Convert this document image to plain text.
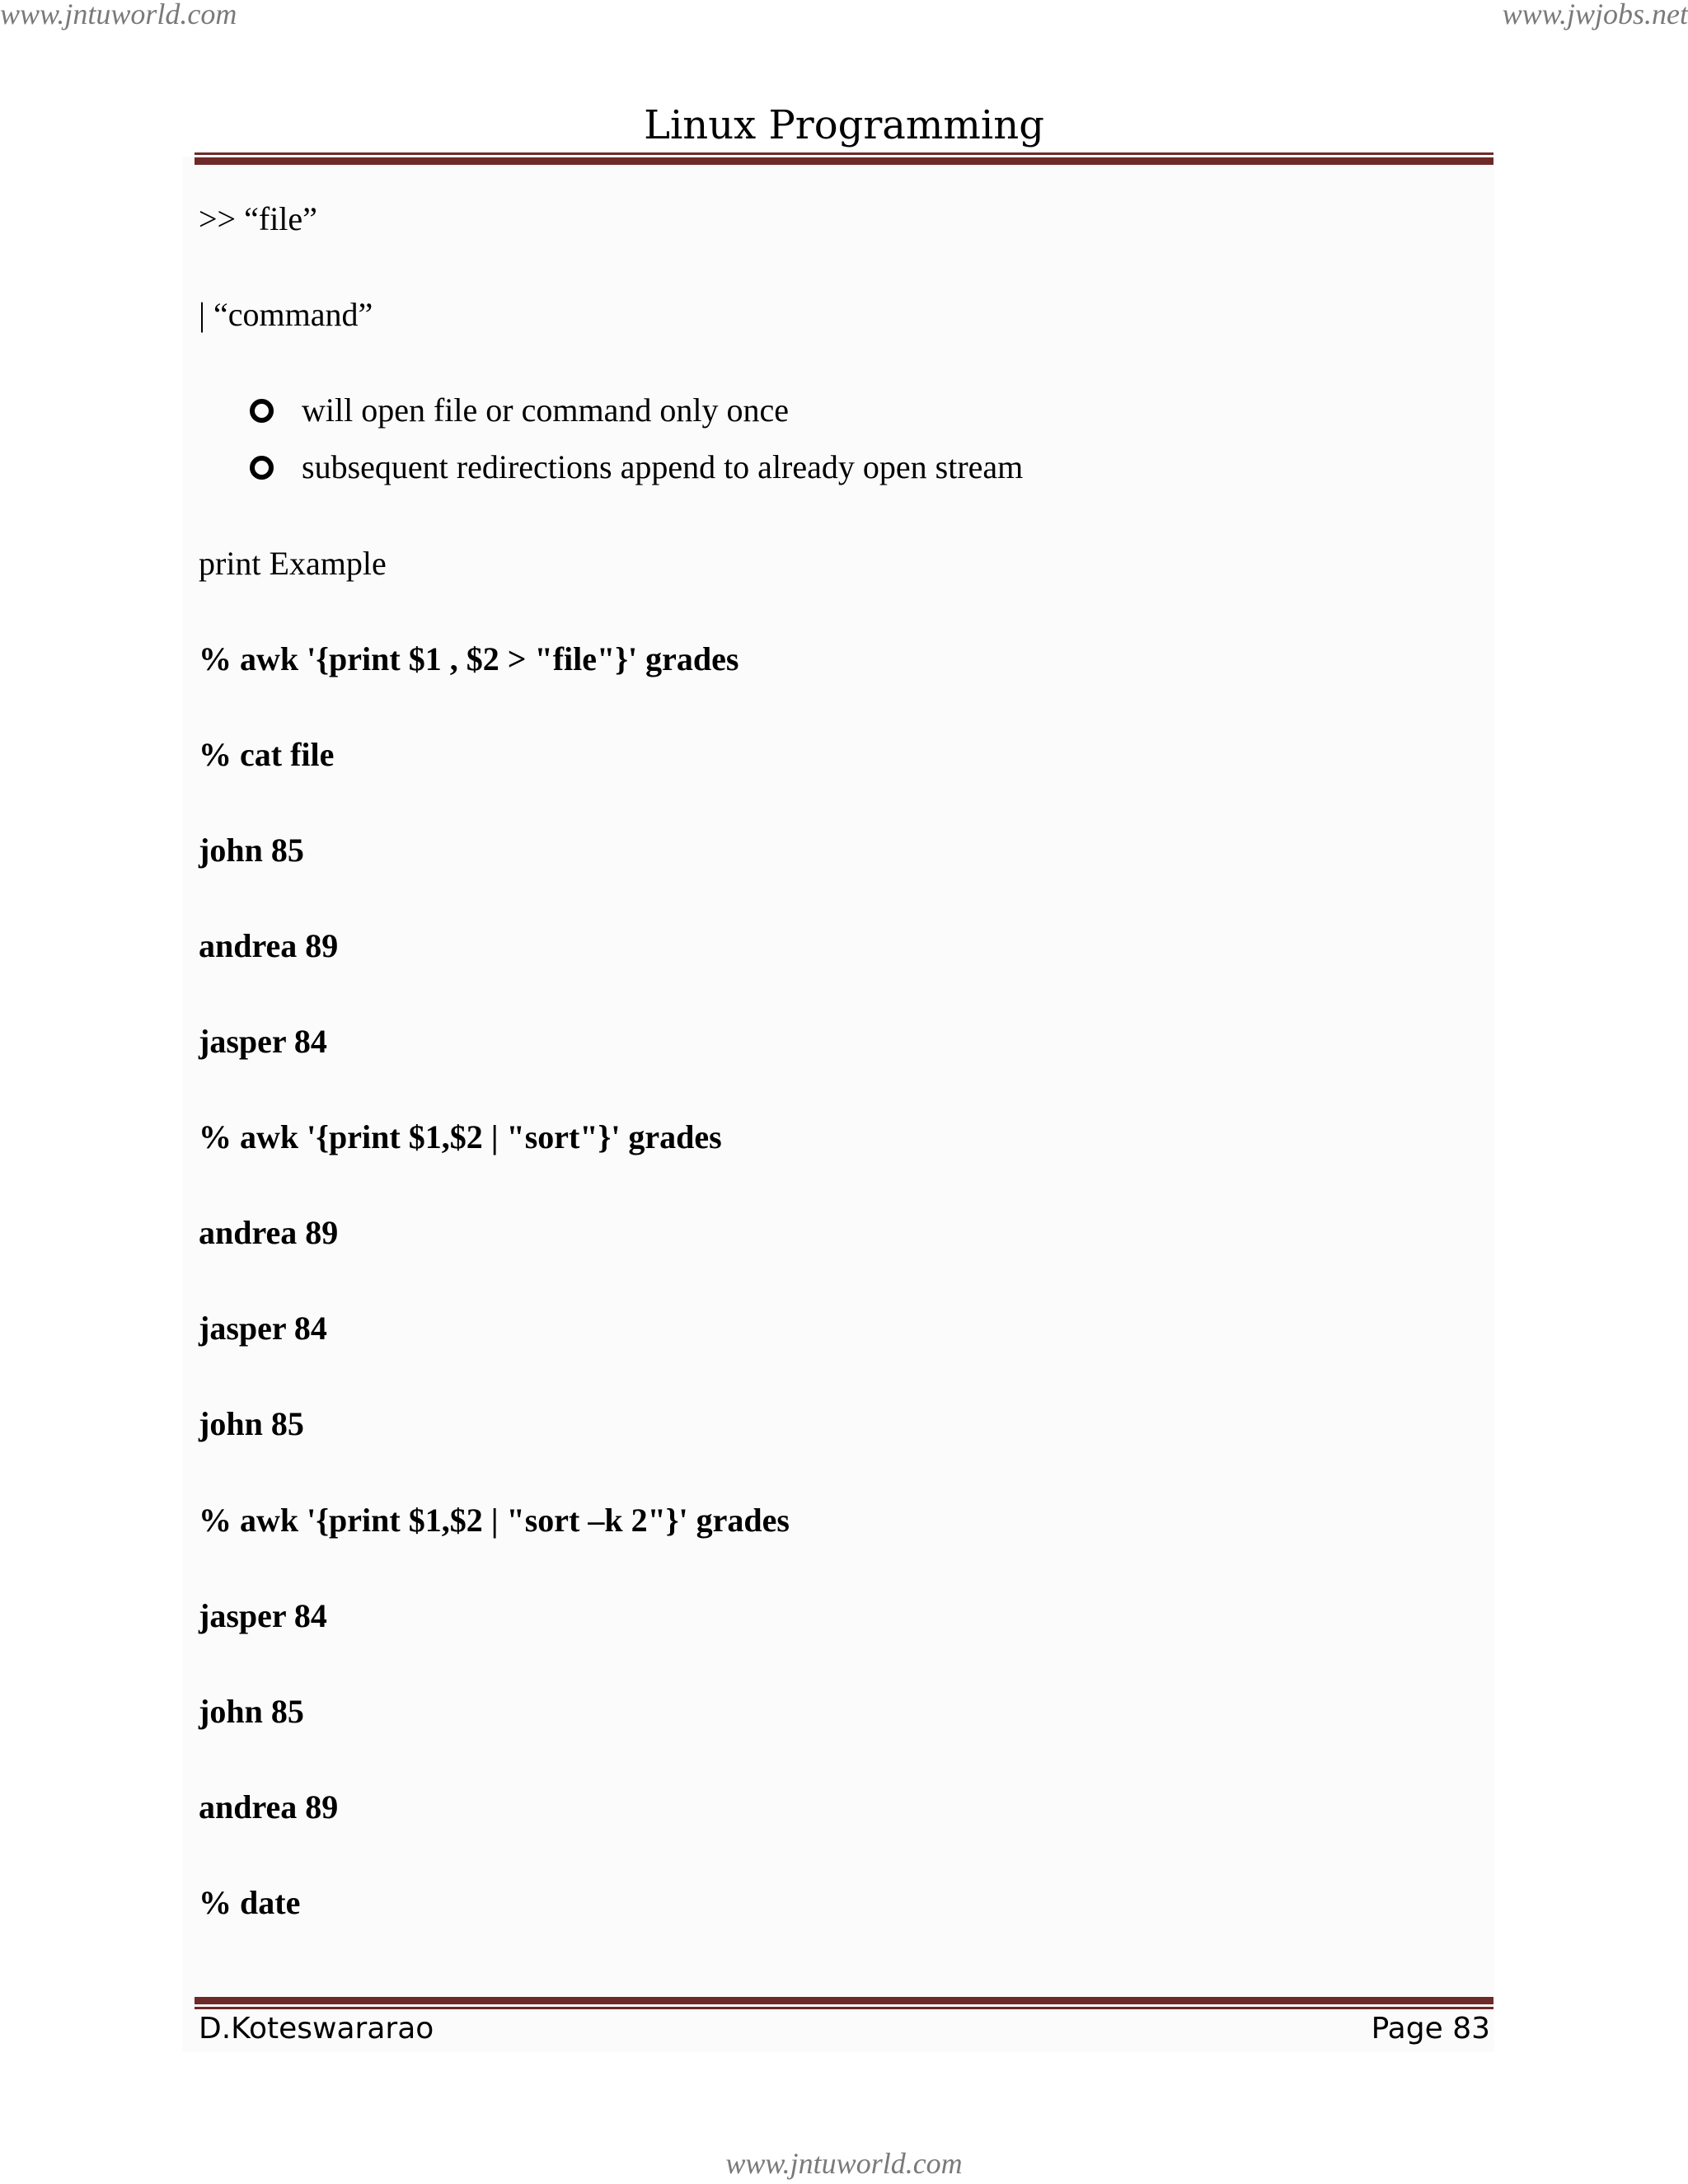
www.jntuworld.com	www.jwjobs.net
Linux Programming
>> “file”
| “command”
will open file or command only once
subsequent redirections append to already open stream
print Example
% awk '{print $1 , $2 > "file"}' grades
% cat file
john 85
andrea 89
jasper 84
% awk '{print $1,$2 | "sort"}' grades
andrea 89
jasper 84
john 85
% awk '{print $1,$2 | "sort –k 2"}' grades
jasper 84
john 85
andrea 89
% date
D.Koteswararao	Page 83
www.jntuworld.com
